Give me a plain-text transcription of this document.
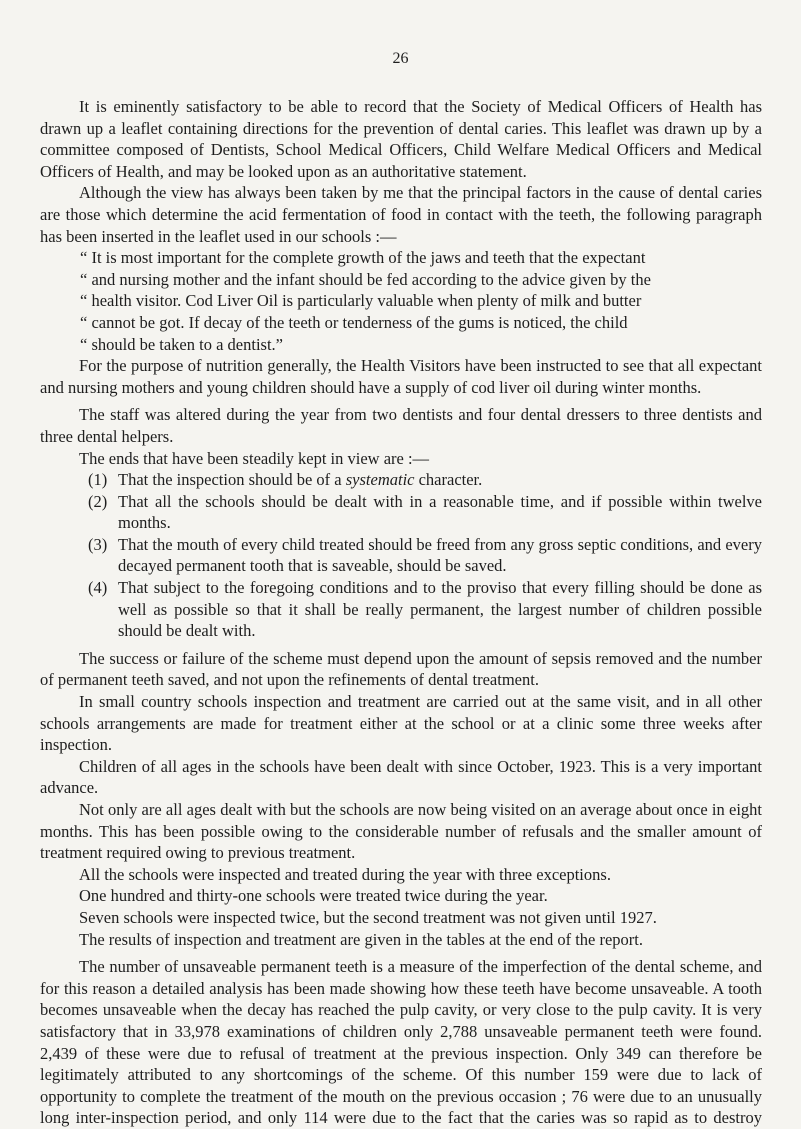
26

It is eminently satisfactory to be able to record that the Society of Medical Officers of Health has drawn up a leaflet containing directions for the prevention of dental caries. This leaflet was drawn up by a committee composed of Dentists, School Medical Officers, Child Welfare Medical Officers and Medical Officers of Health, and may be looked upon as an authoritative statement.

Although the view has always been taken by me that the principal factors in the cause of dental caries are those which determine the acid fermentation of food in contact with the teeth, the following paragraph has been inserted in the leaflet used in our schools :—

“ It is most important for the complete growth of the jaws and teeth that the expectant

“ and nursing mother and the infant should be fed according to the advice given by the

“ health visitor. Cod Liver Oil is particularly valuable when plenty of milk and butter

“ cannot be got. If decay of the teeth or tenderness of the gums is noticed, the child

“ should be taken to a dentist.”

For the purpose of nutrition generally, the Health Visitors have been instructed to see that all expectant and nursing mothers and young children should have a supply of cod liver oil during winter months.

The staff was altered during the year from two dentists and four dental dressers to three dentists and three dental helpers.

The ends that have been steadily kept in view are :—

(1) That the inspection should be of a systematic character.

(2) That all the schools should be dealt with in a reasonable time, and if possible within twelve months.

(3) That the mouth of every child treated should be freed from any gross septic conditions, and every decayed permanent tooth that is saveable, should be saved.

(4) That subject to the foregoing conditions and to the proviso that every filling should be done as well as possible so that it shall be really permanent, the largest number of children possible should be dealt with.

The success or failure of the scheme must depend upon the amount of sepsis removed and the number of permanent teeth saved, and not upon the refinements of dental treatment.

In small country schools inspection and treatment are carried out at the same visit, and in all other schools arrangements are made for treatment either at the school or at a clinic some three weeks after inspection.

Children of all ages in the schools have been dealt with since October, 1923. This is a very important advance.

Not only are all ages dealt with but the schools are now being visited on an average about once in eight months. This has been possible owing to the considerable number of refusals and the smaller amount of treatment required owing to previous treatment.

All the schools were inspected and treated during the year with three exceptions.

One hundred and thirty-one schools were treated twice during the year.

Seven schools were inspected twice, but the second treatment was not given until 1927.

The results of inspection and treatment are given in the tables at the end of the report.

The number of unsaveable permanent teeth is a measure of the imperfection of the dental scheme, and for this reason a detailed analysis has been made showing how these teeth have become unsaveable. A tooth becomes unsaveable when the decay has reached the pulp cavity, or very close to the pulp cavity. It is very satisfactory that in 33,978 examinations of children only 2,788 unsaveable permanent teeth were found. 2,439 of these were due to refusal of treatment at the previous inspection. Only 349 can therefore be legitimately attributed to any shortcomings of the scheme. Of this number 159 were due to lack of opportunity to complete the treatment of the mouth on the previous occasion ; 76 were due to an unusually long inter-inspection period, and only 114 were due to the fact that the caries was so rapid as to destroy
